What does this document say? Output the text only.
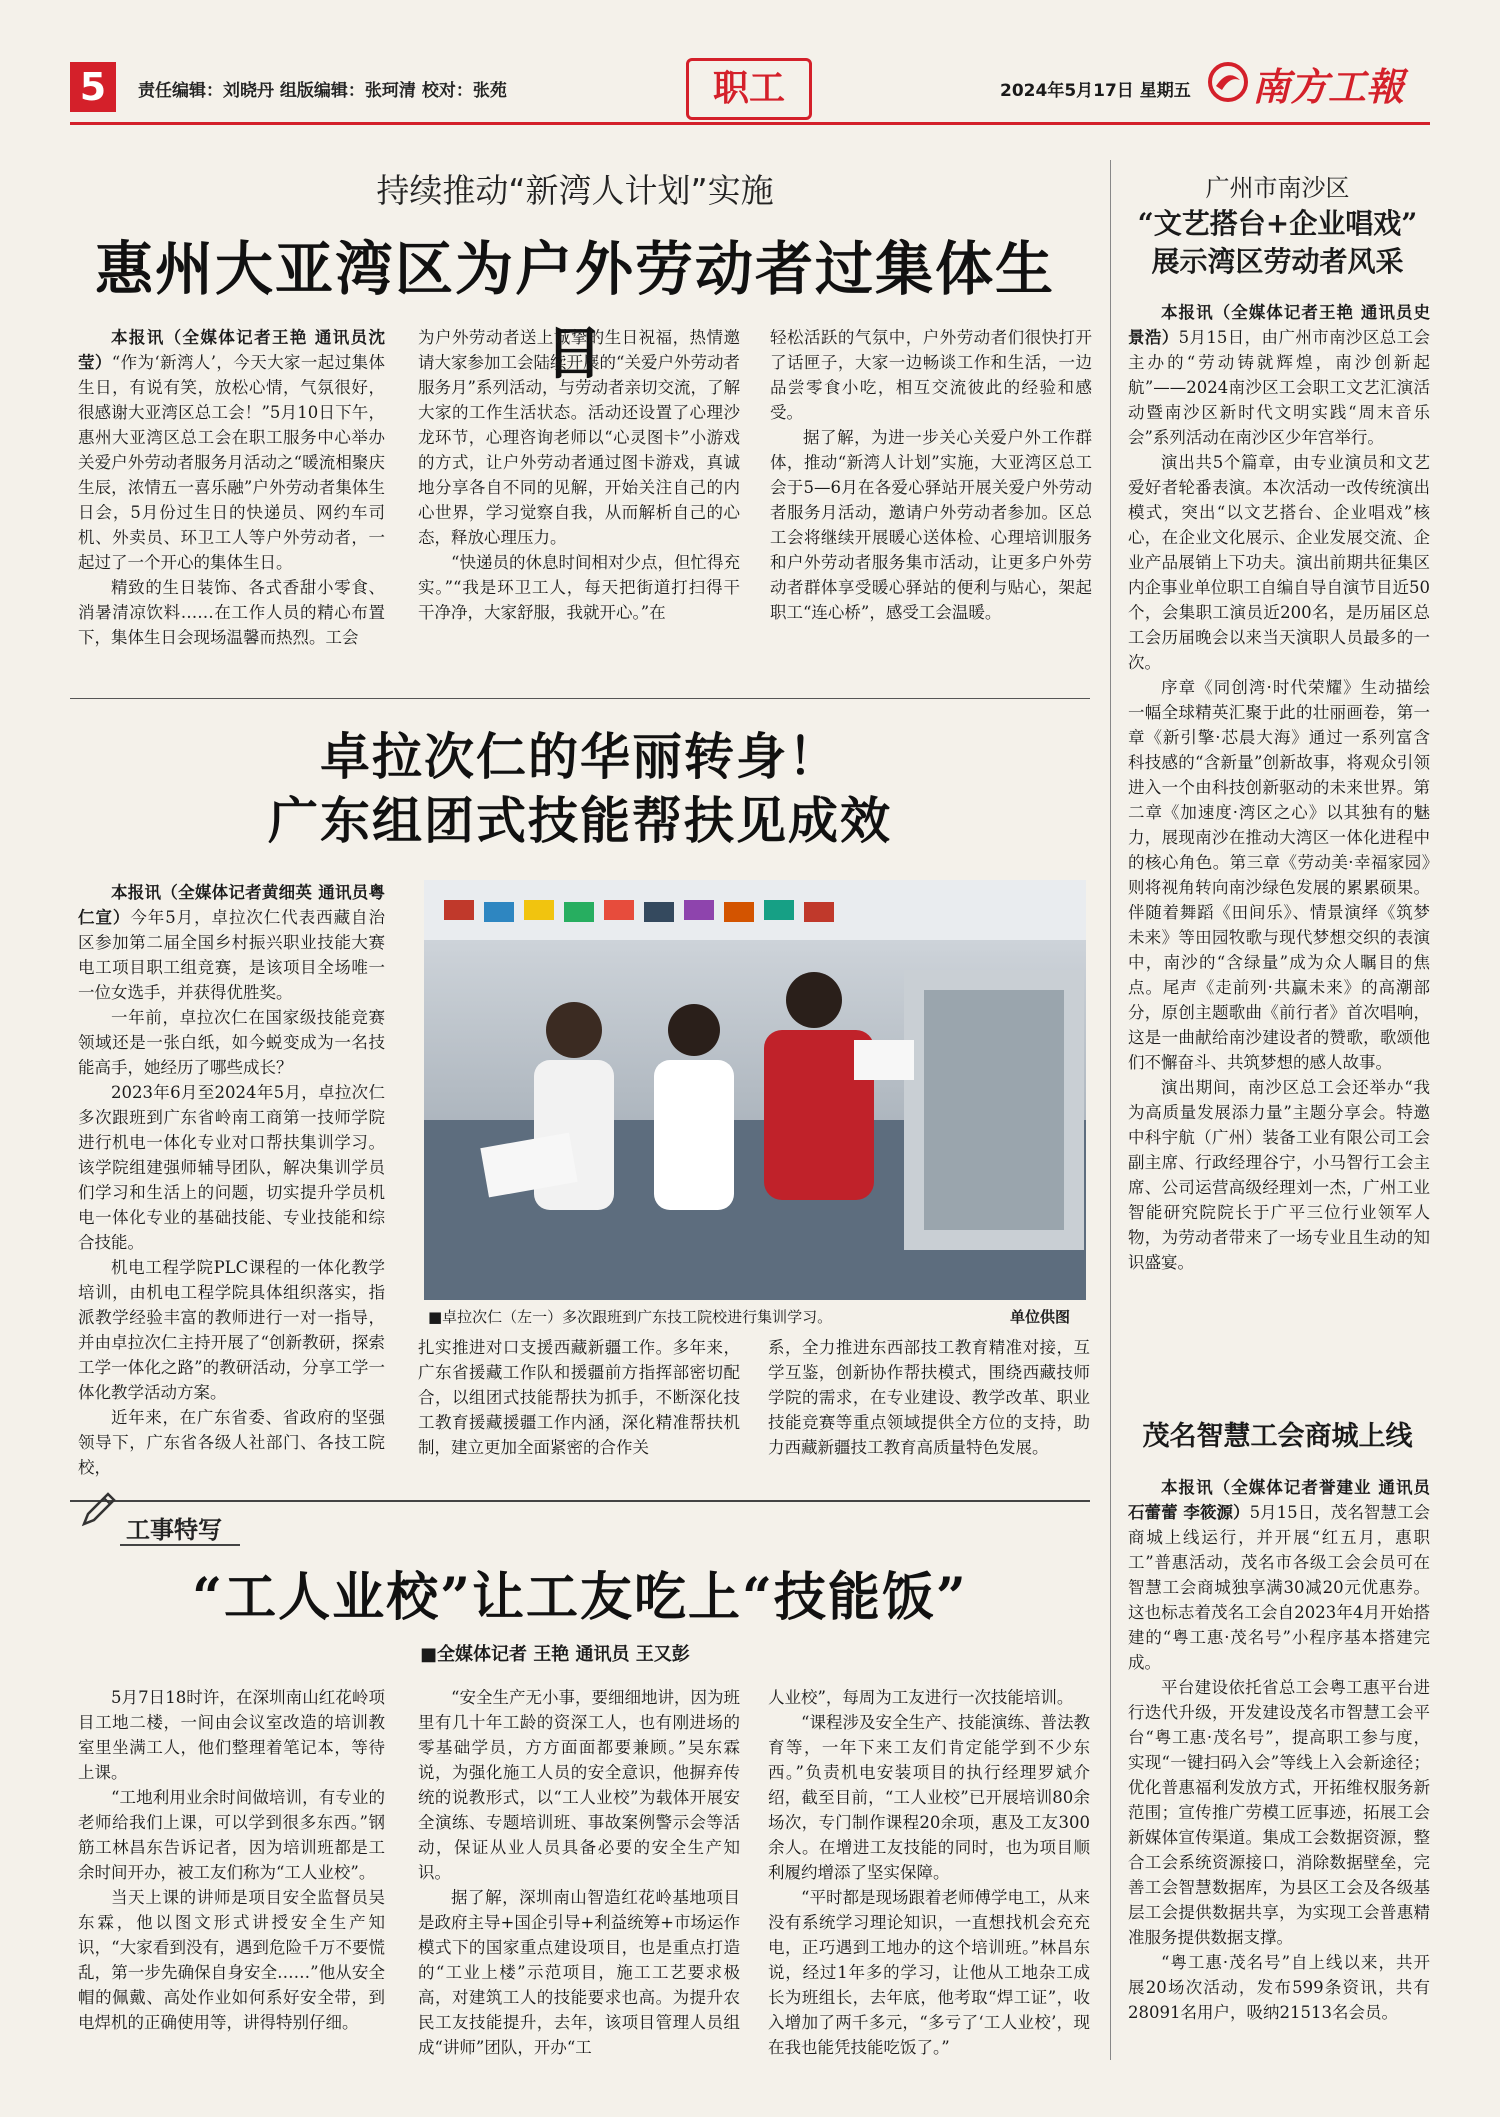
5	责任编辑：刘晓丹 组版编辑：张珂清 校对：张苑	职工	2024年5月17日 星期五 南方工報
持续推动“新湾人计划”实施
惠州大亚湾区为户外劳动者过集体生日

本报讯（全媒体记者王艳 通讯员沈莹）“作为‘新湾人’，今天大家一起过集体生日，有说有笑，放松心情，气氛很好，很感谢大亚湾区总工会！”5月10日下午，惠州大亚湾区总工会在职工服务中心举办关爱户外劳动者服务月活动之“暖流相聚庆生辰，浓情五一喜乐融”户外劳动者集体生日会，5月份过生日的快递员、网约车司机、外卖员、环卫工人等户外劳动者，一起过了一个开心的集体生日。

精致的生日装饰、各式香甜小零食、消暑清凉饮料……在工作人员的精心布置下，集体生日会现场温馨而热烈。工会

为户外劳动者送上诚挚的生日祝福，热情邀请大家参加工会陆续开展的“关爱户外劳动者服务月”系列活动，与劳动者亲切交流，了解大家的工作生活状态。活动还设置了心理沙龙环节，心理咨询老师以“心灵图卡”小游戏的方式，让户外劳动者通过图卡游戏，真诚地分享各自不同的见解，开始关注自己的内心世界，学习觉察自我，从而解析自己的心态，释放心理压力。

“快递员的休息时间相对少点，但忙得充实。”“我是环卫工人，每天把街道打扫得干干净净，大家舒服，我就开心。”在

轻松活跃的气氛中，户外劳动者们很快打开了话匣子，大家一边畅谈工作和生活，一边品尝零食小吃，相互交流彼此的经验和感受。

据了解，为进一步关心关爱户外工作群体，推动“新湾人计划”实施，大亚湾区总工会于5—6月在各爱心驿站开展关爱户外劳动者服务月活动，邀请户外劳动者参加。区总工会将继续开展暖心送体检、心理培训服务和户外劳动者服务集市活动，让更多户外劳动者群体享受暖心驿站的便利与贴心，架起职工“连心桥”，感受工会温暖。

卓拉次仁的华丽转身！
广东组团式技能帮扶见成效

本报讯（全媒体记者黄细英 通讯员粤仁宣）今年5月，卓拉次仁代表西藏自治区参加第二届全国乡村振兴职业技能大赛电工项目职工组竞赛，是该项目全场唯一一位女选手，并获得优胜奖。

一年前，卓拉次仁在国家级技能竞赛领域还是一张白纸，如今蜕变成为一名技能高手，她经历了哪些成长？

2023年6月至2024年5月，卓拉次仁多次跟班到广东省岭南工商第一技师学院进行机电一体化专业对口帮扶集训学习。该学院组建强师辅导团队，解决集训学员们学习和生活上的问题，切实提升学员机电一体化专业的基础技能、专业技能和综合技能。

机电工程学院PLC课程的一体化教学培训，由机电工程学院具体组织落实，指派教学经验丰富的教师进行一对一指导，并由卓拉次仁主持开展了“创新教研，探索工学一体化之路”的教研活动，分享工学一体化教学活动方案。

近年来，在广东省委、省政府的坚强领导下，广东省各级人社部门、各技工院校，

■卓拉次仁（左一）多次跟班到广东技工院校进行集训学习。	单位供图

扎实推进对口支援西藏新疆工作。多年来，广东省援藏工作队和援疆前方指挥部密切配合，以组团式技能帮扶为抓手，不断深化技工教育援藏援疆工作内涵，深化精准帮扶机制，建立更加全面紧密的合作关

系，全力推进东西部技工教育精准对接，互学互鉴，创新协作帮扶模式，围绕西藏技师学院的需求，在专业建设、教学改革、职业技能竞赛等重点领域提供全方位的支持，助力西藏新疆技工教育高质量特色发展。

工事特写
“工人业校”让工友吃上“技能饭”
■全媒体记者 王艳 通讯员 王又彭

5月7日18时许，在深圳南山红花岭项目工地二楼，一间由会议室改造的培训教室里坐满工人，他们整理着笔记本，等待上课。

“工地利用业余时间做培训，有专业的老师给我们上课，可以学到很多东西。”钢筋工林昌东告诉记者，因为培训班都是工余时间开办，被工友们称为“工人业校”。

当天上课的讲师是项目安全监督员吴东霖，他以图文形式讲授安全生产知识，“大家看到没有，遇到危险千万不要慌乱，第一步先确保自身安全……”他从安全帽的佩戴、高处作业如何系好安全带，到电焊机的正确使用等，讲得特别仔细。

“安全生产无小事，要细细地讲，因为班里有几十年工龄的资深工人，也有刚进场的零基础学员，方方面面都要兼顾。”吴东霖说，为强化施工人员的安全意识，他摒弃传统的说教形式，以“工人业校”为载体开展安全演练、专题培训班、事故案例警示会等活动，保证从业人员具备必要的安全生产知识。

据了解，深圳南山智造红花岭基地项目是政府主导+国企引导+利益统筹+市场运作模式下的国家重点建设项目，也是重点打造的“工业上楼”示范项目，施工工艺要求极高，对建筑工人的技能要求也高。为提升农民工友技能提升，去年，该项目管理人员组成“讲师”团队，开办“工

人业校”，每周为工友进行一次技能培训。

“课程涉及安全生产、技能演练、普法教育等，一年下来工友们肯定能学到不少东西。”负责机电安装项目的执行经理罗斌介绍，截至目前，“工人业校”已开展培训80余场次，专门制作课程20余项，惠及工友300余人。在增进工友技能的同时，也为项目顺利履约增添了坚实保障。

“平时都是现场跟着老师傅学电工，从来没有系统学习理论知识，一直想找机会充充电，正巧遇到工地办的这个培训班。”林昌东说，经过1年多的学习，让他从工地杂工成长为班组长，去年底，他考取“焊工证”，收入增加了两千多元，“多亏了‘工人业校’，现在我也能凭技能吃饭了。”

广州市南沙区
“文艺搭台+企业唱戏”
展示湾区劳动者风采

本报讯（全媒体记者王艳 通讯员史景浩）5月15日，由广州市南沙区总工会主办的“劳动铸就辉煌，南沙创新起航”——2024南沙区工会职工文艺汇演活动暨南沙区新时代文明实践“周末音乐会”系列活动在南沙区少年宫举行。

演出共5个篇章，由专业演员和文艺爱好者轮番表演。本次活动一改传统演出模式，突出“以文艺搭台、企业唱戏”核心，在企业文化展示、企业发展交流、企业产品展销上下功夫。演出前期共征集区内企事业单位职工自编自导自演节目近50个，会集职工演员近200名，是历届区总工会历届晚会以来当天演职人员最多的一次。

序章《同创湾·时代荣耀》生动描绘一幅全球精英汇聚于此的壮丽画卷，第一章《新引擎·芯晨大海》通过一系列富含科技感的“含新量”创新故事，将观众引领进入一个由科技创新驱动的未来世界。第二章《加速度·湾区之心》以其独有的魅力，展现南沙在推动大湾区一体化进程中的核心角色。第三章《劳动美·幸福家园》则将视角转向南沙绿色发展的累累硕果。伴随着舞蹈《田间乐》、情景演绎《筑梦未来》等田园牧歌与现代梦想交织的表演中，南沙的“含绿量”成为众人瞩目的焦点。尾声《走前列·共赢未来》的高潮部分，原创主题歌曲《前行者》首次唱响，这是一曲献给南沙建设者的赞歌，歌颂他们不懈奋斗、共筑梦想的感人故事。

演出期间，南沙区总工会还举办“我为高质量发展添力量”主题分享会。特邀中科宇航（广州）装备工业有限公司工会副主席、行政经理谷宁，小马智行工会主席、公司运营高级经理刘一杰，广州工业智能研究院院长于广平三位行业领军人物，为劳动者带来了一场专业且生动的知识盛宴。

茂名智慧工会商城上线

本报讯（全媒体记者誉建业 通讯员石蕾蕾 李筱源）5月15日，茂名智慧工会商城上线运行，并开展“红五月，惠职工”普惠活动，茂名市各级工会会员可在智慧工会商城独享满30减20元优惠券。这也标志着茂名工会自2023年4月开始搭建的“粤工惠·茂名号”小程序基本搭建完成。

平台建设依托省总工会粤工惠平台进行迭代升级，开发建设茂名市智慧工会平台“粤工惠·茂名号”，提高职工参与度，实现“一键扫码入会”等线上入会新途径；优化普惠福利发放方式，开拓维权服务新范围；宣传推广劳模工匠事迹，拓展工会新媒体宣传渠道。集成工会数据资源，整合工会系统资源接口，消除数据壁垒，完善工会智慧数据库，为县区工会及各级基层工会提供数据共享，为实现工会普惠精准服务提供数据支撑。

“粤工惠·茂名号”自上线以来，共开展20场次活动，发布599条资讯，共有28091名用户，吸纳21513名会员。
